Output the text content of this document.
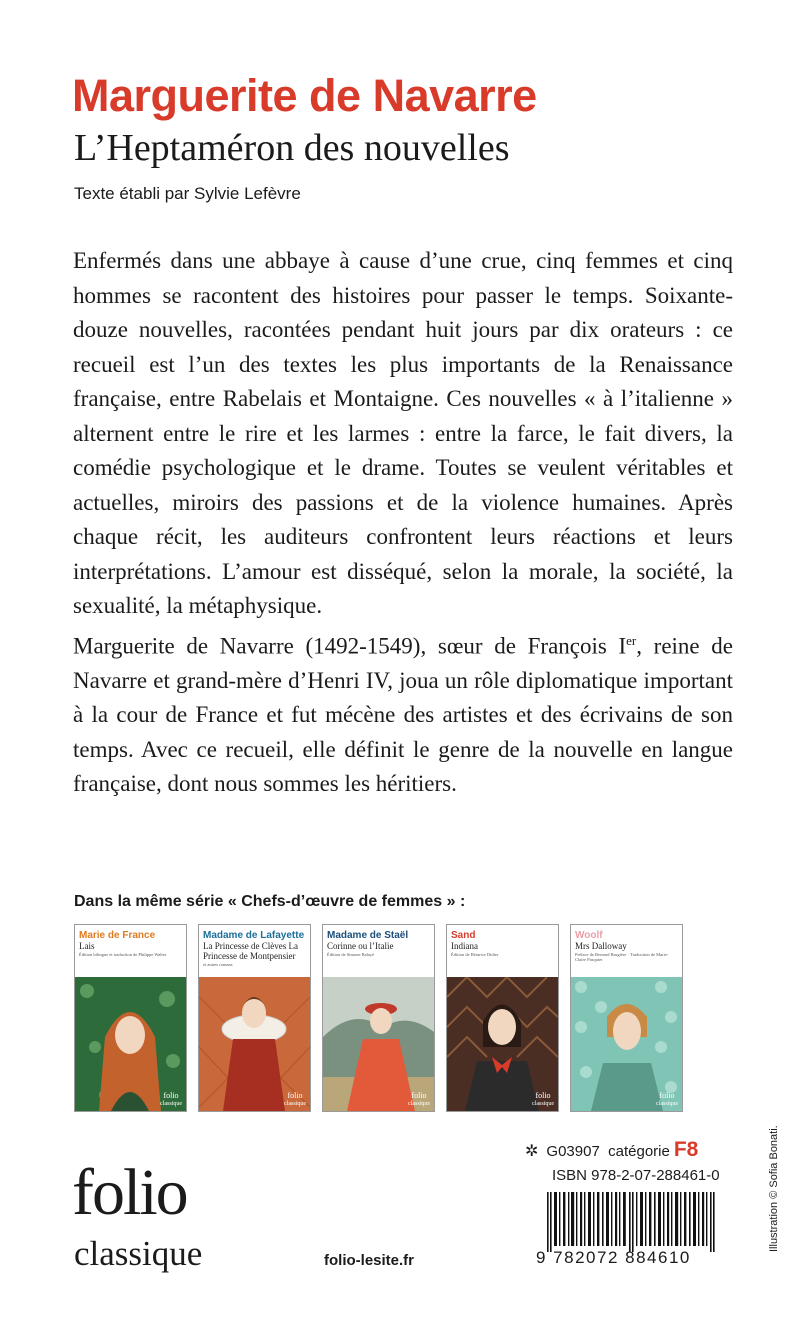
Marguerite de Navarre
L’Heptaméron des nouvelles
Texte établi par Sylvie Lefèvre

Enfermés dans une abbaye à cause d’une crue, cinq femmes et cinq hommes se racontent des histoires pour passer le temps. Soixante-douze nouvelles, racontées pendant huit jours par dix orateurs : ce recueil est l’un des textes les plus importants de la Renaissance française, entre Rabelais et Montaigne. Ces nouvelles « à l’italienne » alternent entre le rire et les larmes : entre la farce, le fait divers, la comédie psychologique et le drame. Toutes se veulent véritables et actuelles, miroirs des passions et de la violence humaines. Après chaque récit, les auditeurs confrontent leurs réactions et leurs interprétations. L’amour est disséqué, selon la morale, la société, la sexualité, la métaphysique.

Marguerite de Navarre (1492-1549), sœur de François Ier, reine de Navarre et grand-mère d’Henri IV, joua un rôle diplomatique important à la cour de France et fut mécène des artistes et des écrivains de son temps. Avec ce recueil, elle définit le genre de la nouvelle en langue française, dont nous sommes les héritiers.

Dans la même série « Chefs-d’œuvre de femmes » :
Marie de France
Lais
Édition bilingue et traduction de Philippe Walter
folio
classique
Madame de Lafayette
La Princesse de Clèves La Princesse de Montpensier
et autres romans
folio
classique
Madame de Staël
Corinne ou l’Italie
Édition de Simone Balayé
folio
classique
Sand
Indiana
Édition de Béatrice Didier
folio
classique
Woolf
Mrs Dalloway
Préface de Bernard Brugière · Traduction de Marie-Claire Pasquier
folio
classique
✲ G03907 catégorie F8
ISBN 978-2-07-288461-0
9 782072 884610
folio
classique	folio-lesite.fr
Illustration © Sofia Bonati.
